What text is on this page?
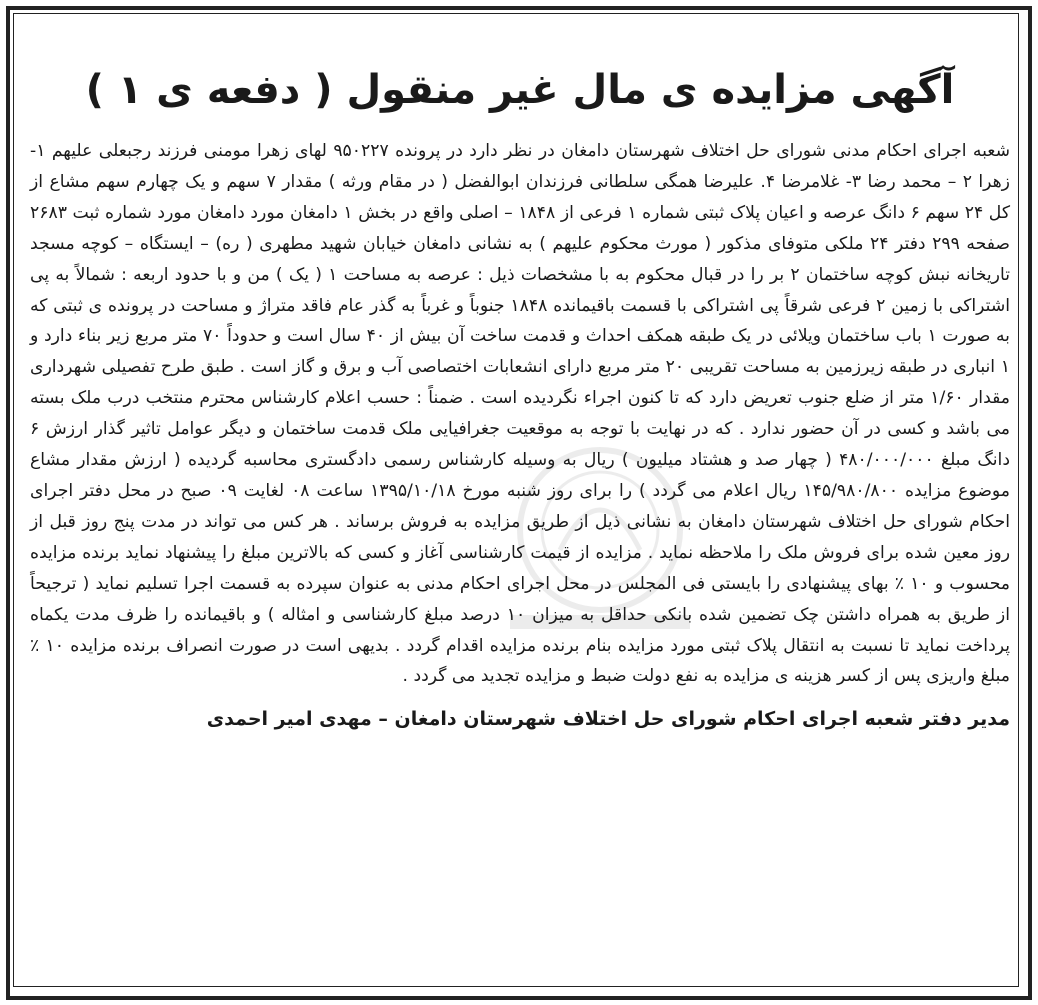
آگهی مزایده ی مال غیر منقول ( دفعه ی ۱ )

شعبه اجرای احکام مدنی شورای حل اختلاف شهرستان دامغان در نظر دارد در پرونده ۹۵۰۲۲۷ لهای زهرا مومنی فرزند رجبعلی علیهم ۱- زهرا ۲ – محمد رضا ۳- غلامرضا ۴. علیرضا همگی سلطانی فرزندان ابوالفضل ( در مقام ورثه ) مقدار ۷ سهم و یک چهارم سهم مشاع از کل ۲۴ سهم ۶ دانگ عرصه و اعیان پلاک ثبتی شماره ۱ فرعی از ۱۸۴۸ – اصلی واقع در بخش ۱ دامغان مورد دامغان مورد شماره ثبت ۲۶۸۳ صفحه ۲۹۹ دفتر ۲۴ ملکی متوفای مذکور ( مورث محکوم علیهم ) به نشانی دامغان خیابان شهید مطهری ( ره) – ایستگاه – کوچه مسجد تاریخانه نبش کوچه ساختمان ۲ بر را در قبال محکوم به با مشخصات ذیل : عرصه به مساحت ۱ ( یک ) من و با حدود اربعه : شمالاً به پی اشتراکی با زمین ۲ فرعی شرقاً پی اشتراکی با قسمت باقیمانده ۱۸۴۸ جنوباً و غرباً به گذر عام فاقد متراژ و مساحت در پرونده ی ثبتی که به صورت ۱ باب ساختمان ویلائی در یک طبقه همکف احداث و قدمت ساخت آن بیش از ۴۰ سال است و حدوداً ۷۰ متر مربع زیر بناء دارد و ۱ انباری در طبقه زیرزمین به مساحت تقریبی ۲۰ متر مربع دارای انشعابات اختصاصی آب و برق و گاز است . طبق طرح تفصیلی شهرداری مقدار ۱/۶۰ متر از ضلع جنوب تعریض دارد که تا کنون اجراء نگردیده است . ضمناً : حسب اعلام کارشناس محترم منتخب درب ملک بسته می باشد و کسی در آن حضور ندارد . که در نهایت با توجه به موقعیت جغرافیایی ملک قدمت ساختمان و دیگر عوامل تاثیر گذار ارزش ۶ دانگ مبلغ ۴۸۰/۰۰۰/۰۰۰ ( چهار صد و هشتاد میلیون ) ریال به وسیله کارشناس رسمی دادگستری محاسبه گردیده ( ارزش مقدار مشاع موضوع مزایده ۱۴۵/۹۸۰/۸۰۰ ریال اعلام می گردد ) را برای روز شنبه مورخ ۱۳۹۵/۱۰/۱۸ ساعت ۰۸ لغایت ۰۹ صبح در محل دفتر اجرای احکام شورای حل اختلاف شهرستان دامغان به نشانی ذیل از طریق مزایده به فروش برساند . هر کس می تواند در مدت پنج روز قبل از روز معین شده برای فروش ملک را ملاحظه نماید . مزایده از قیمت کارشناسی آغاز و کسی که بالاترین مبلغ را پیشنهاد نماید برنده مزایده محسوب و ۱۰ ٪ بهای پیشنهادی را بایستی فی المجلس در محل اجرای احکام مدنی به عنوان سپرده به قسمت اجرا تسلیم نماید ( ترجیحاً از طریق به همراه داشتن چک تضمین شده بانکی حداقل به میزان ۱۰ درصد مبلغ کارشناسی و امثاله ) و باقیمانده را ظرف مدت یکماه پرداخت نماید تا نسبت به انتقال پلاک ثبتی مورد مزایده بنام برنده مزایده اقدام گردد . بدیهی است در صورت انصراف برنده مزایده ۱۰ ٪ مبلغ واریزی پس از کسر هزینه ی مزایده به نفع دولت ضبط و مزایده تجدید می گردد .

مدیر دفتر شعبه اجرای احکام شورای حل اختلاف شهرستان دامغان – مهدی امیر احمدی
